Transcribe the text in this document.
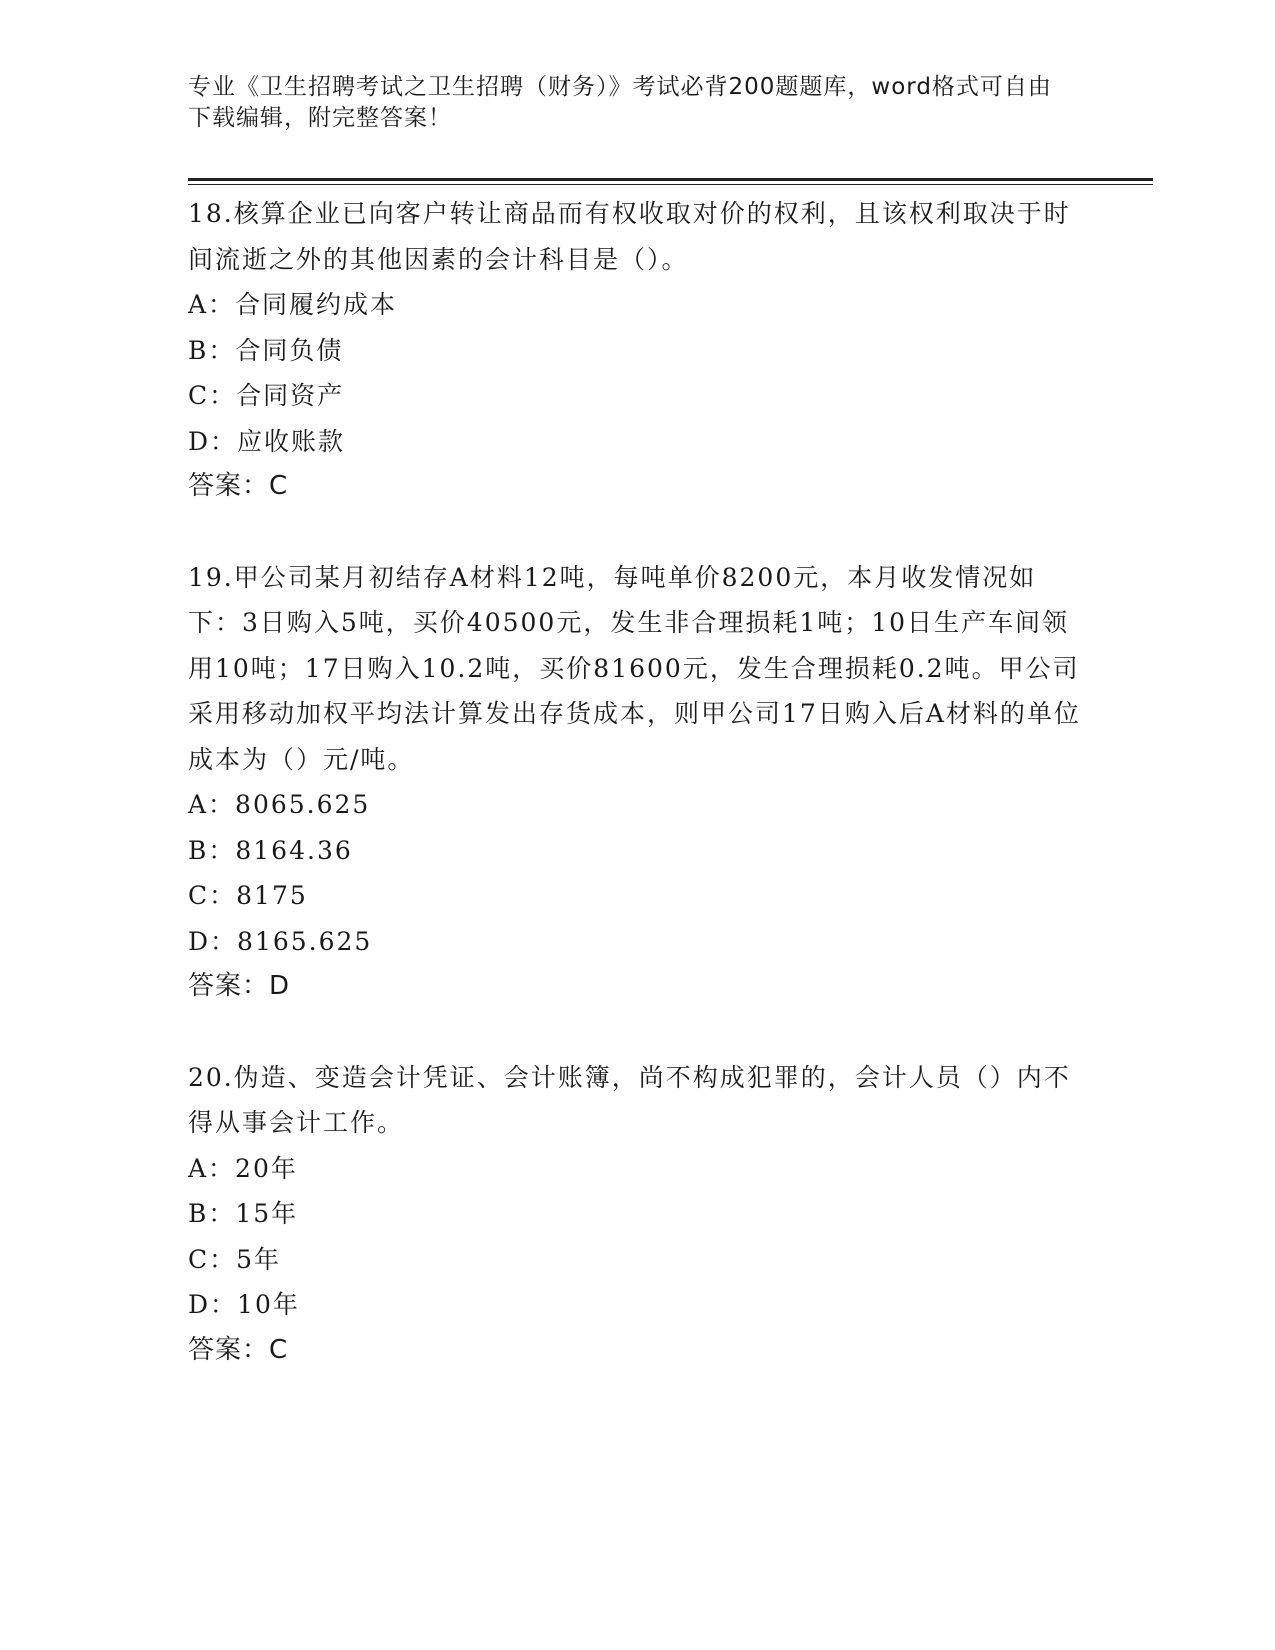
专业《卫生招聘考试之卫生招聘（财务）》考试必背200题题库，word格式可自由下载编辑，附完整答案！

18.核算企业已向客户转让商品而有权收取对价的权利，且该权利取决于时间流逝之外的其他因素的会计科目是（）。

A：合同履约成本

B：合同负债

C：合同资产

D：应收账款

答案：C

19.甲公司某月初结存A材料12吨，每吨单价8200元，本月收发情况如下：3日购入5吨，买价40500元，发生非合理损耗1吨；10日生产车间领用10吨；17日购入10.2吨，买价81600元，发生合理损耗0.2吨。甲公司采用移动加权平均法计算发出存货成本，则甲公司17日购入后A材料的单位成本为（）元/吨。

A：8065.625

B：8164.36

C：8175

D：8165.625

答案：D

20.伪造、变造会计凭证、会计账簿，尚不构成犯罪的，会计人员（）内不得从事会计工作。

A：20年

B：15年

C：5年

D：10年

答案：C
